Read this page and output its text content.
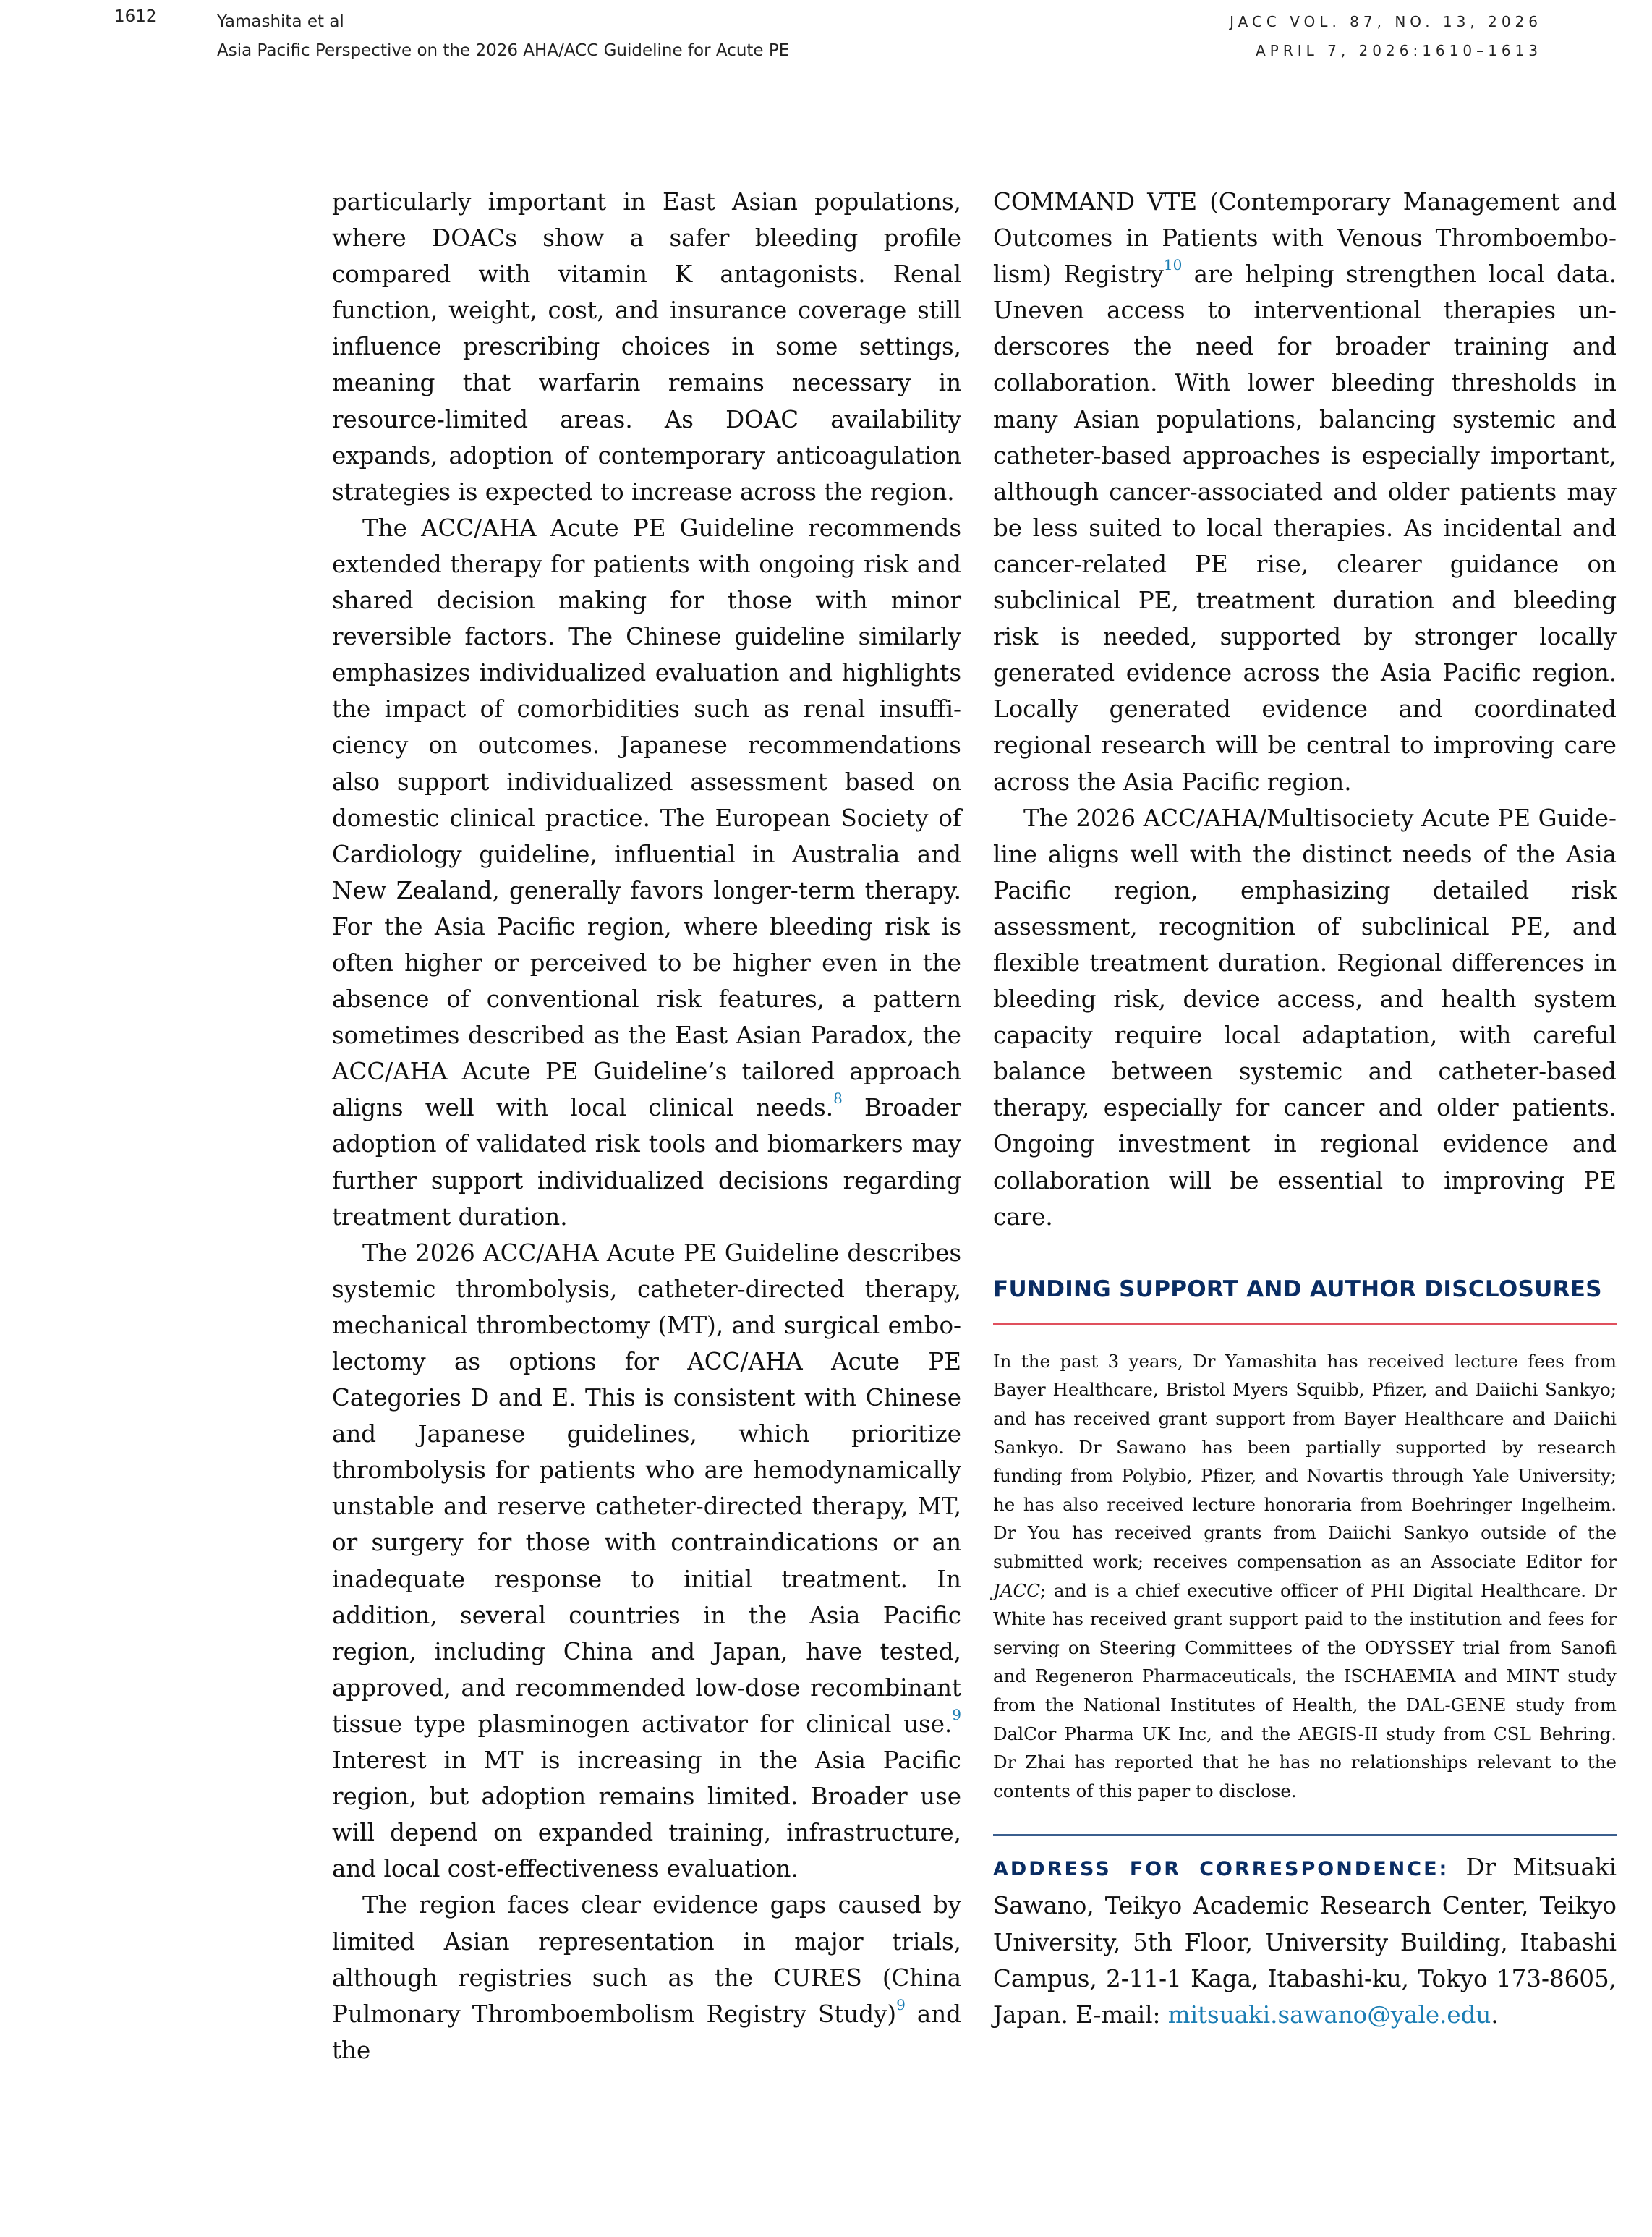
1612	Yamashita et al
Asia Pacific Perspective on the 2026 AHA/ACC Guideline for Acute PE
JACC VOL. 87, NO. 13, 2026
APRIL 7, 2026:1610–1613

particularly important in East Asian populations, where DOACs show a safer bleeding profile compared with vitamin K antagonists. Renal function, weight, cost, and insurance coverage still influence prescribing choices in some settings, meaning that warfarin remains necessary in resource-limited areas. As DOAC availability expands, adoption of contemporary anticoagulation strategies is expected to increase across the region.

The ACC/AHA Acute PE Guideline recommends extended therapy for patients with ongoing risk and shared decision making for those with minor reversible factors. The Chinese guideline similarly emphasizes individualized evaluation and highlights the impact of comorbidities such as renal insufficiency on outcomes. Japanese recommendations also support individualized assessment based on domestic clinical practice. The European Society of Cardiology guideline, influential in Australia and New Zealand, generally favors longer-term therapy. For the Asia Pacific region, where bleeding risk is often higher or perceived to be higher even in the absence of conventional risk features, a pattern sometimes described as the East Asian Paradox, the ACC/AHA Acute PE Guideline’s tailored approach aligns well with local clinical needs.$^8$ Broader adoption of validated risk tools and biomarkers may further support individualized decisions regarding treatment duration.

The 2026 ACC/AHA Acute PE Guideline describes systemic thrombolysis, catheter-directed therapy, mechanical thrombectomy (MT), and surgical embolectomy as options for ACC/AHA Acute PE Categories D and E. This is consistent with Chinese and Japanese guidelines, which prioritize thrombolysis for patients who are hemodynamically unstable and reserve catheter-directed therapy, MT, or surgery for those with contraindications or an inadequate response to initial treatment. In addition, several countries in the Asia Pacific region, including China and Japan, have tested, approved, and recommended low-dose recombinant tissue type plasminogen activator for clinical use.$^9$ Interest in MT is increasing in the Asia Pacific region, but adoption remains limited. Broader use will depend on expanded training, infrastructure, and local cost-effectiveness evaluation.

The region faces clear evidence gaps caused by limited Asian representation in major trials, although registries such as the CURES (China Pulmonary Thromboembolism Registry Study)$^9$ and the

COMMAND VTE (Contemporary Management and Outcomes in Patients with Venous Thromboembolism) Registry$^{10}$ are helping strengthen local data. Uneven access to interventional therapies underscores the need for broader training and collaboration. With lower bleeding thresholds in many Asian populations, balancing systemic and catheter-based approaches is especially important, although cancer-associated and older patients may be less suited to local therapies. As incidental and cancer-related PE rise, clearer guidance on subclinical PE, treatment duration and bleeding risk is needed, supported by stronger locally generated evidence across the Asia Pacific region. Locally generated evidence and coordinated regional research will be central to improving care across the Asia Pacific region.

The 2026 ACC/AHA/Multisociety Acute PE Guideline aligns well with the distinct needs of the Asia Pacific region, emphasizing detailed risk assessment, recognition of subclinical PE, and flexible treatment duration. Regional differences in bleeding risk, device access, and health system capacity require local adaptation, with careful balance between systemic and catheter-based therapy, especially for cancer and older patients. Ongoing investment in regional evidence and collaboration will be essential to improving PE care.

FUNDING SUPPORT AND AUTHOR DISCLOSURES
In the past 3 years, Dr Yamashita has received lecture fees from Bayer Healthcare, Bristol Myers Squibb, Pfizer, and Daiichi Sankyo; and has received grant support from Bayer Healthcare and Daiichi Sankyo. Dr Sawano has been partially supported by research funding from Polybio, Pfizer, and Novartis through Yale University; he has also received lecture honoraria from Boehringer Ingelheim. Dr You has received grants from Daiichi Sankyo outside of the submitted work; receives compensation as an Associate Editor for JACC; and is a chief executive officer of PHI Digital Healthcare. Dr White has received grant support paid to the institution and fees for serving on Steering Committees of the ODYSSEY trial from Sanofi and Regeneron Pharmaceuticals, the ISCHAEMIA and MINT study from the National Institutes of Health, the DAL-GENE study from DalCor Pharma UK Inc, and the AEGIS-II study from CSL Behring. Dr Zhai has reported that he has no relationships relevant to the contents of this paper to disclose.

ADDRESS FOR CORRESPONDENCE: Dr Mitsuaki Sawano, Teikyo Academic Research Center, Teikyo University, 5th Floor, University Building, Itabashi Campus, 2-11-1 Kaga, Itabashi-ku, Tokyo 173-8605, Japan. E-mail: mitsuaki.sawano@yale.edu.
